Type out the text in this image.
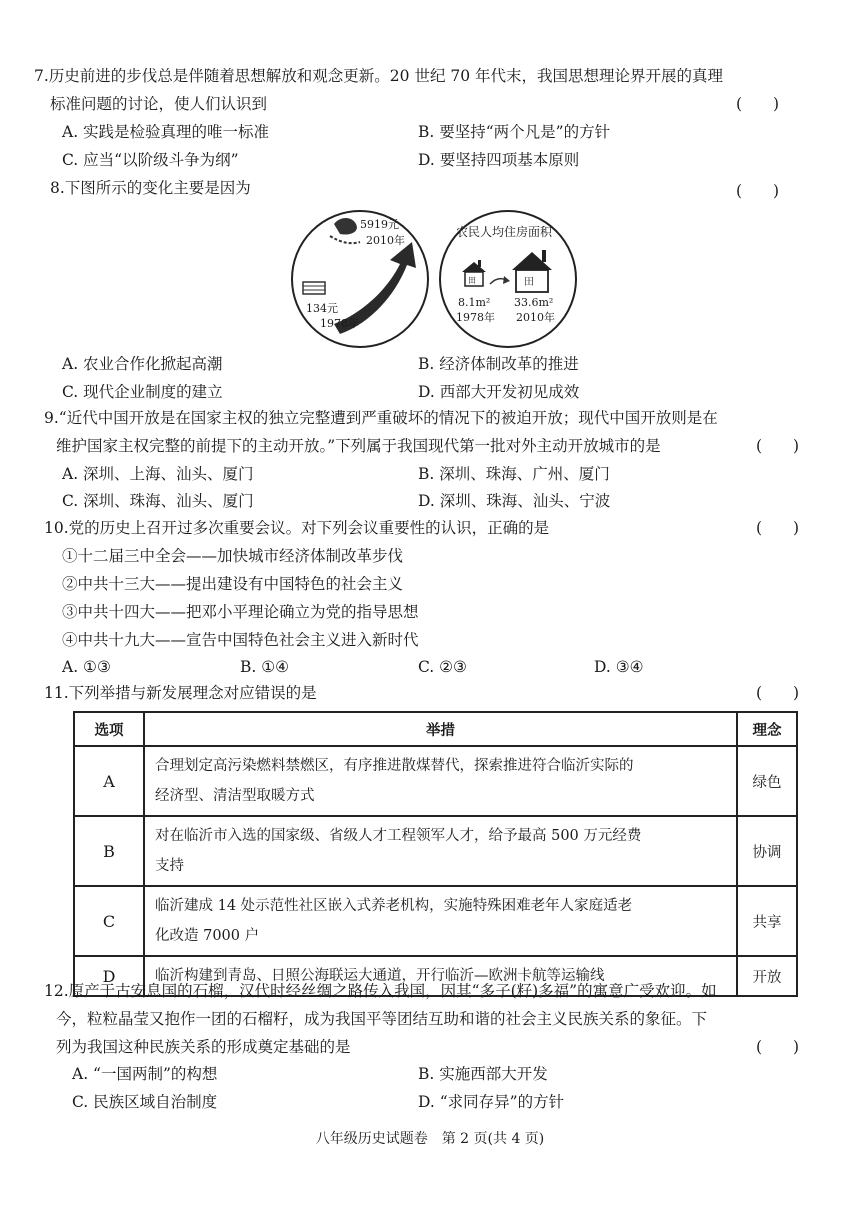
7.历史前进的步伐总是伴随着思想解放和观念更新。20 世纪 70 年代末，我国思想理论界开展的真理
标准问题的讨论，使人们认识到	(　　)
A. 实践是检验真理的唯一标准	B. 要坚持“两个凡是”的方针
C. 应当“以阶级斗争为纲”	D. 要坚持四项基本原则
8.下图所示的变化主要是因为	(　　)
5919元
2010年
134元
1978年
农民人均住房面积
田	田
8.1m²
1978年
33.6m²
2010年
A. 农业合作化掀起高潮	B. 经济体制改革的推进
C. 现代企业制度的建立	D. 西部大开发初见成效
9.“近代中国开放是在国家主权的独立完整遭到严重破坏的情况下的被迫开放；现代中国开放则是在
维护国家主权完整的前提下的主动开放。”下列属于我国现代第一批对外主动开放城市的是	(　　)
A. 深圳、上海、汕头、厦门	B. 深圳、珠海、广州、厦门
C. 深圳、珠海、汕头、厦门	D. 深圳、珠海、汕头、宁波
10.党的历史上召开过多次重要会议。对下列会议重要性的认识，正确的是	(　　)
①十二届三中全会——加快城市经济体制改革步伐
②中共十三大——提出建设有中国特色的社会主义
③中共十四大——把邓小平理论确立为党的指导思想
④中共十九大——宣告中国特色社会主义进入新时代
A. ①③	B. ①④	C. ②③	D. ③④
11.下列举措与新发展理念对应错误的是	(　　)
选项	举措	理念
A	合理划定高污染燃料禁燃区，有序推进散煤替代，探索推进符合临沂实际的
经济型、清洁型取暖方式	绿色
B	对在临沂市入选的国家级、省级人才工程领军人才，给予最高 500 万元经费
支持	协调
C	临沂建成 14 处示范性社区嵌入式养老机构，实施特殊困难老年人家庭适老
化改造 7000 户	共享
D	临沂构建到青岛、日照公海联运大通道，开行临沂—欧洲卡航等运输线	开放
12.原产于古安息国的石榴，汉代时经丝绸之路传入我国，因其“多子(籽)多福”的寓意广受欢迎。如
今，粒粒晶莹又抱作一团的石榴籽，成为我国平等团结互助和谐的社会主义民族关系的象征。下
列为我国这种民族关系的形成奠定基础的是	(　　)
A. “一国两制”的构想	B. 实施西部大开发
C. 民族区域自治制度	D. “求同存异”的方针
八年级历史试题卷　第 2 页(共 4 页)
